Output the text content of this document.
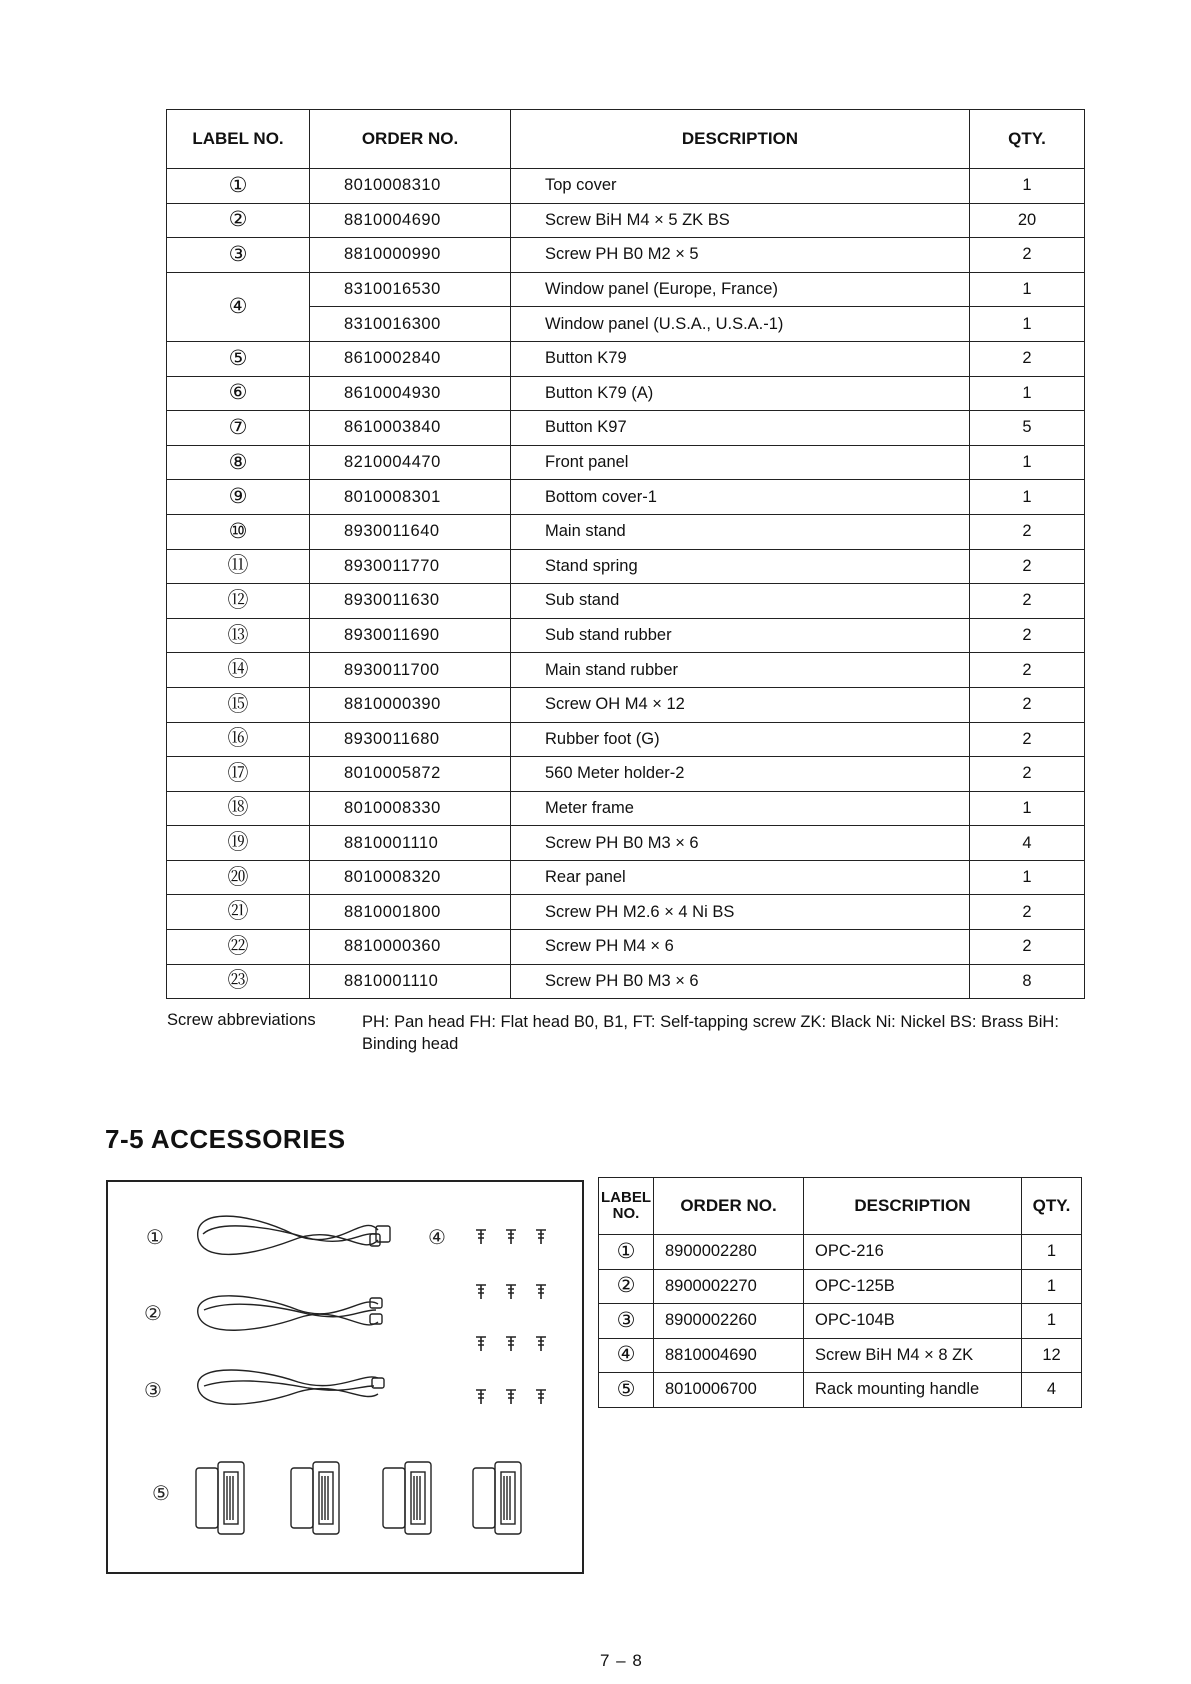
LABEL NO.	ORDER NO.	DESCRIPTION	QTY.
①	8010008310	Top cover	1
②	8810004690	Screw BiH M4 × 5 ZK BS	20
③	8810000990	Screw PH B0 M2 × 5	2
④	8310016530	Window panel (Europe, France)	1
	8310016300	Window panel (U.S.A., U.S.A.-1)	1
⑤	8610002840	Button K79	2
⑥	8610004930	Button K79 (A)	1
⑦	8610003840	Button K97	5
⑧	8210004470	Front panel	1
⑨	8010008301	Bottom cover-1	1
⑩	8930011640	Main stand	2
⑪	8930011770	Stand spring	2
⑫	8930011630	Sub stand	2
⑬	8930011690	Sub stand rubber	2
⑭	8930011700	Main stand rubber	2
⑮	8810000390	Screw OH M4 × 12	2
⑯	8930011680	Rubber foot (G)	2
⑰	8010005872	560 Meter holder-2	2
⑱	8010008330	Meter frame	1
⑲	8810001110	Screw PH B0 M3 × 6	4
⑳	8010008320	Rear panel	1
㉑	8810001800	Screw PH M2.6 × 4 Ni BS	2
㉒	8810000360	Screw PH M4 × 6	2
㉓	8810001110	Screw PH B0 M3 × 6	8
Screw abbreviations	PH: Pan head FH: Flat head B0, B1, FT: Self-tapping screw ZK: Black Ni: Nickel BS: Brass BiH: Binding head
7-5 ACCESSORIES
①
②
③
④
⑤
LABEL NO.	ORDER NO.	DESCRIPTION	QTY.
①	8900002280	OPC-216	1
②	8900002270	OPC-125B	1
③	8900002260	OPC-104B	1
④	8810004690	Screw BiH M4 × 8 ZK	12
⑤	8010006700	Rack mounting handle	4
7 – 8
